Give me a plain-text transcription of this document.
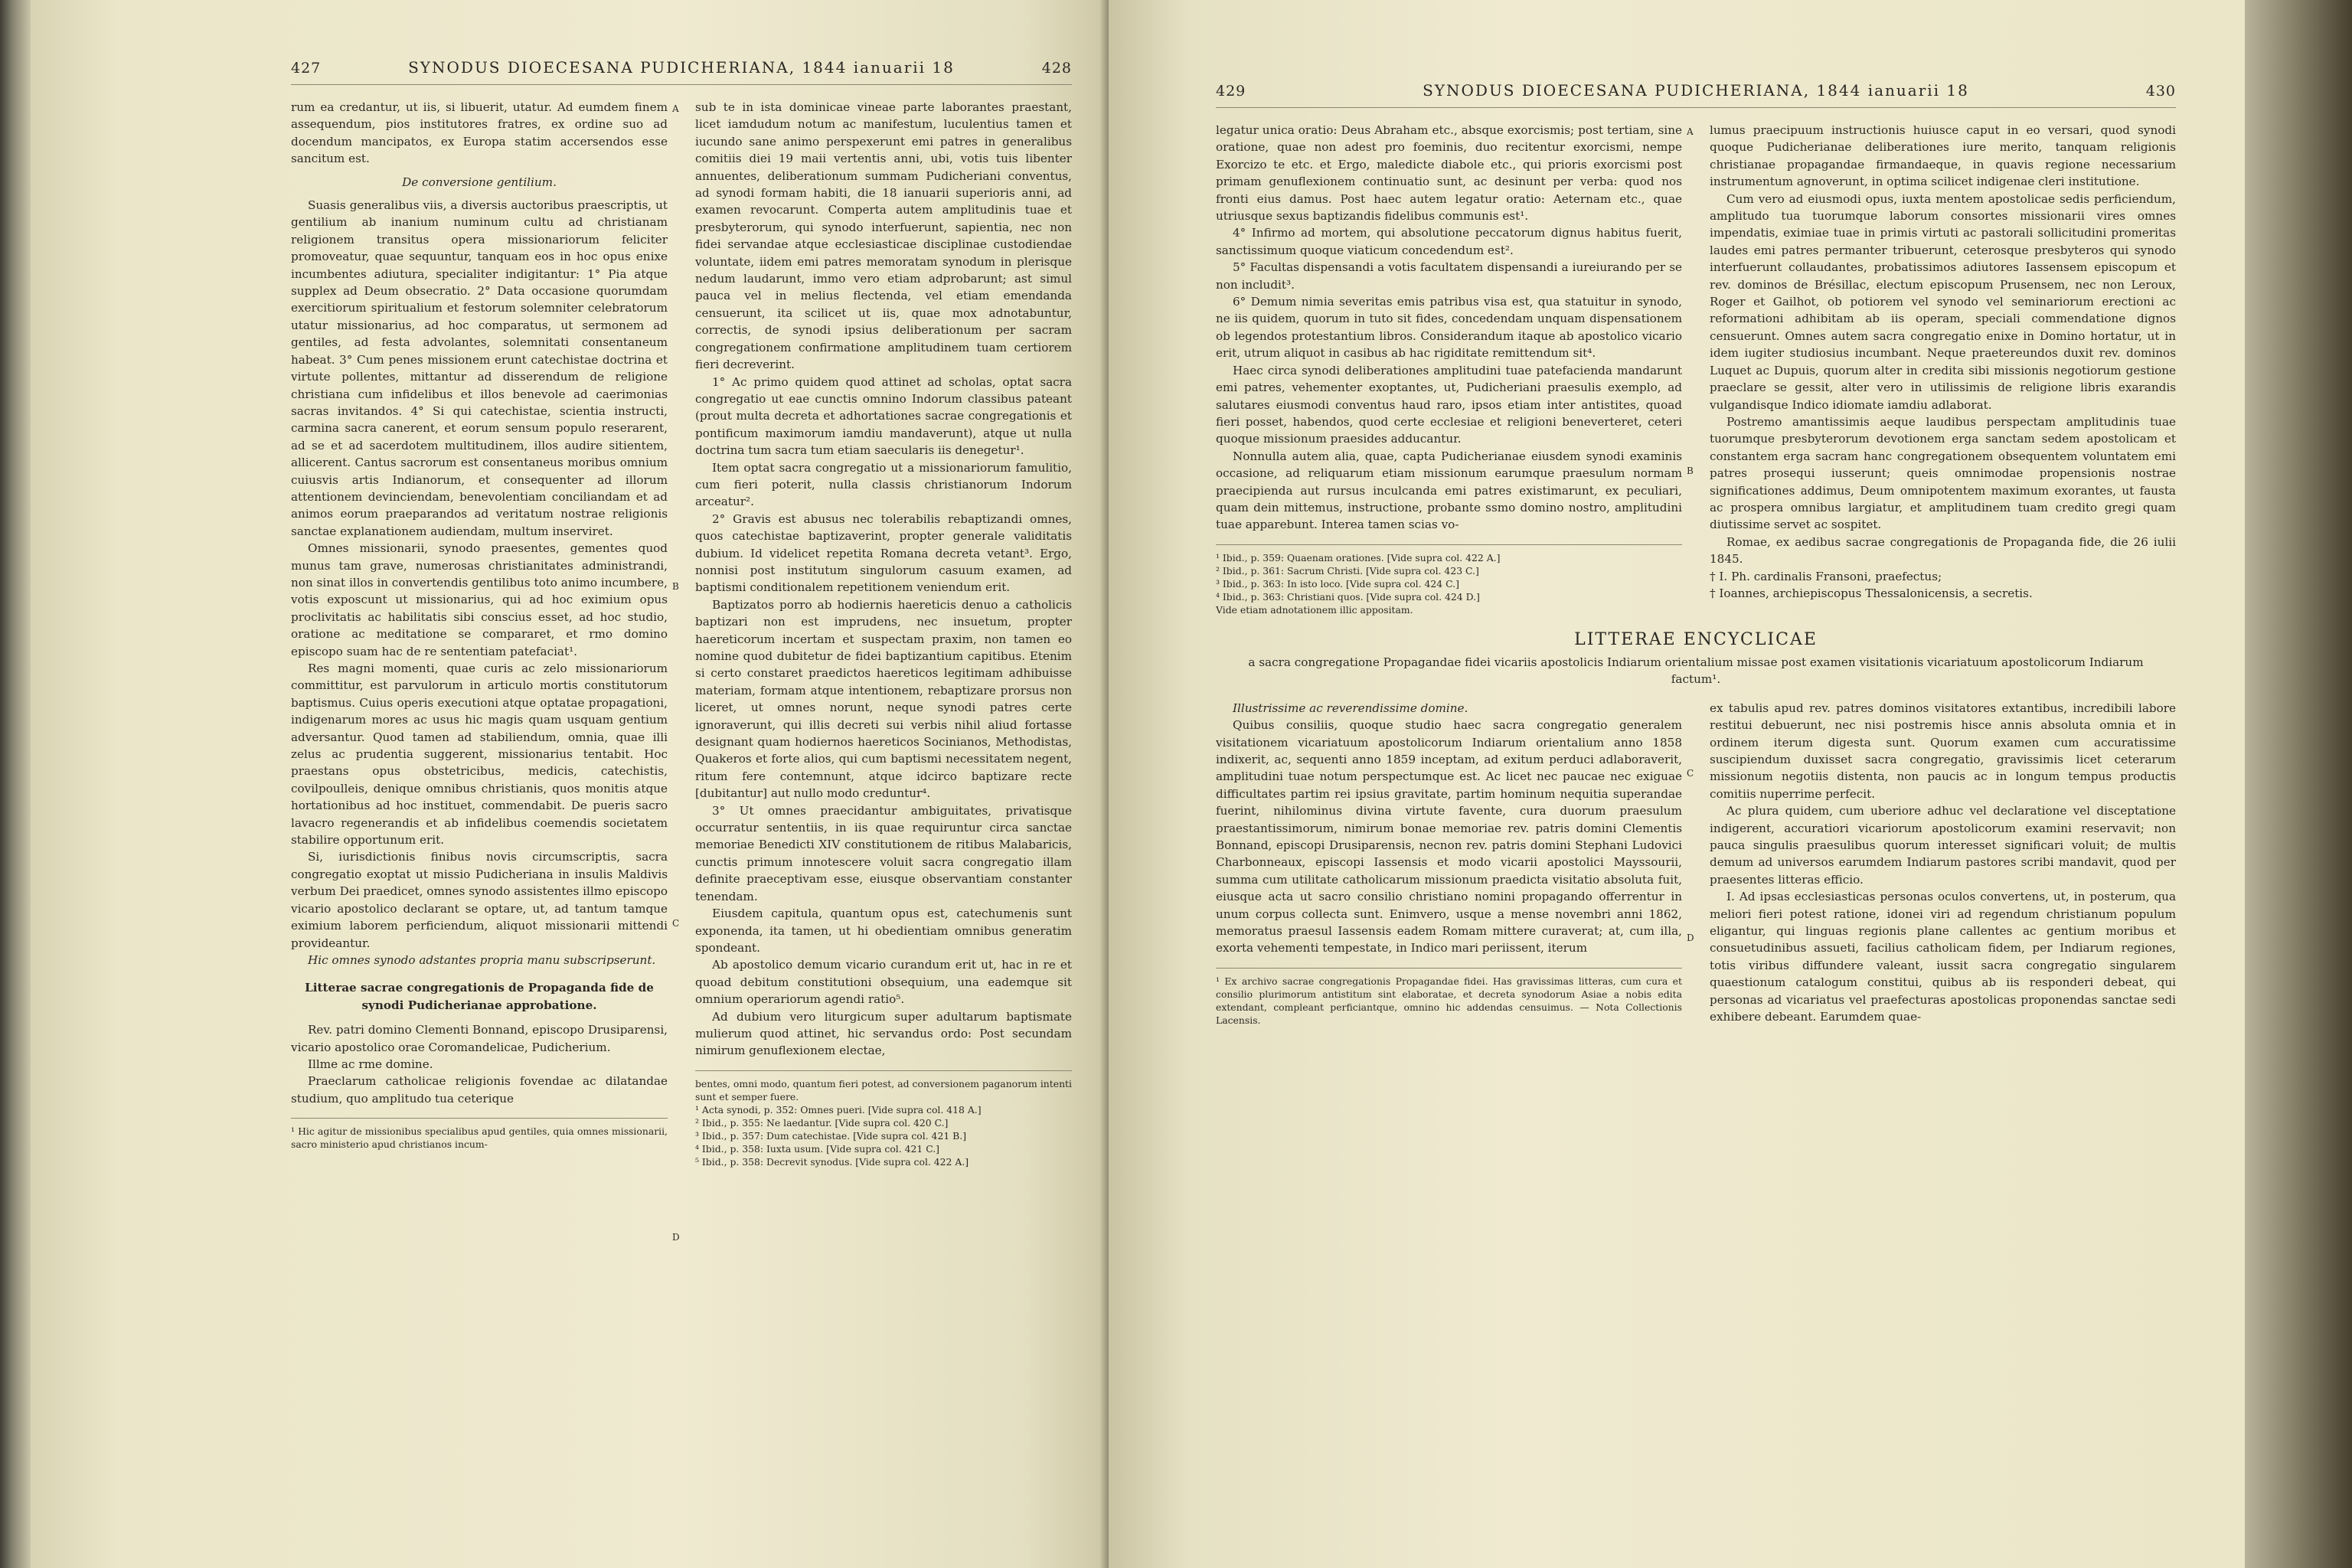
427	SYNODUS DIOECESANA PUDICHERIANA, 1844 ianuarii 18	428

rum ea credantur, ut iis, si libuerit, utatur. Ad eumdem finem assequendum, pios institutores fratres, ex ordine suo ad docendum mancipatos, ex Europa statim accersendos esse sancitum est.

De conversione gentilium.

Suasis generalibus viis, a diversis auctoribus praescriptis, ut gentilium ab inanium numinum cultu ad christianam religionem transitus opera missionariorum feliciter promoveatur, quae sequuntur, tanquam eos in hoc opus enixe incumbentes adiutura, specialiter indigitantur: 1° Pia atque supplex ad Deum obsecratio. 2° Data occasione quorumdam exercitiorum spiritualium et festorum solemniter celebratorum utatur missionarius, ad hoc comparatus, ut sermonem ad gentiles, ad festa advolantes, solemnitati consentaneum habeat. 3° Cum penes missionem erunt catechistae doctrina et virtute pollentes, mittantur ad disserendum de religione christiana cum infidelibus et illos benevole ad caerimonias sacras invitandos. 4° Si qui catechistae, scientia instructi, carmina sacra canerent, et eorum sensum populo reserarent, ad se et ad sacerdotem multitudinem, illos audire sitientem, allicerent. Cantus sacrorum est consentaneus moribus omnium cuiusvis artis Indianorum, et consequenter ad illorum attentionem devinciendam, benevolentiam conciliandam et ad animos eorum praeparandos ad veritatum nostrae religionis sanctae explanationem audiendam, multum inserviret.

Omnes missionarii, synodo praesentes, gementes quod munus tam grave, numerosas christianitates administrandi, non sinat illos in convertendis gentilibus toto animo incumbere, votis exposcunt ut missionarius, qui ad hoc eximium opus proclivitatis ac habilitatis sibi conscius esset, ad hoc studio, oratione ac meditatione se compararet, et rmo domino episcopo suam hac de re sententiam patefaciat¹.

Res magni momenti, quae curis ac zelo missionariorum committitur, est parvulorum in articulo mortis constitutorum baptismus. Cuius operis executioni atque optatae propagationi, indigenarum mores ac usus hic magis quam usquam gentium adversantur. Quod tamen ad stabiliendum, omnia, quae illi zelus ac prudentia suggerent, missionarius tentabit. Hoc praestans opus obstetricibus, medicis, catechistis, covilpoulleis, denique omnibus christianis, quos monitis atque hortationibus ad hoc instituet, commendabit. De pueris sacro lavacro regenerandis et ab infidelibus coemendis societatem stabilire opportunum erit.

Si, iurisdictionis finibus novis circumscriptis, sacra congregatio exoptat ut missio Pudicheriana in insulis Maldivis verbum Dei praedicet, omnes synodo assistentes illmo episcopo vicario apostolico declarant se optare, ut, ad tantum tamque eximium laborem perficiendum, aliquot missionarii mittendi provideantur.

Hic omnes synodo adstantes propria manu subscripserunt.

Litterae sacrae congregationis de Propaganda fide de synodi Pudicherianae approbatione.

Rev. patri domino Clementi Bonnand, episcopo Drusiparensi, vicario apostolico orae Coromandelicae, Pudicherium.

Illme ac rme domine.

Praeclarum catholicae religionis fovendae ac dilatandae studium, quo amplitudo tua ceterique

¹ Hic agitur de missionibus specialibus apud gentiles, quia omnes missionarii, sacro ministerio apud christianos incum-
A
B
C
D

sub te in ista dominicae vineae parte laborantes praestant, licet iamdudum notum ac manifestum, luculentius tamen et iucundo sane animo perspexerunt emi patres in generalibus comitiis diei 19 maii vertentis anni, ubi, votis tuis libenter annuentes, deliberationum summam Pudicheriani conventus, ad synodi formam habiti, die 18 ianuarii superioris anni, ad examen revocarunt. Comperta autem amplitudinis tuae et presbyterorum, qui synodo interfuerunt, sapientia, nec non fidei servandae atque ecclesiasticae disciplinae custodiendae voluntate, iidem emi patres memoratam synodum in plerisque nedum laudarunt, immo vero etiam adprobarunt; ast simul pauca vel in melius flectenda, vel etiam emendanda censuerunt, ita scilicet ut iis, quae mox adnotabuntur, correctis, de synodi ipsius deliberationum per sacram congregationem confirmatione amplitudinem tuam certiorem fieri decreverint.

1° Ac primo quidem quod attinet ad scholas, optat sacra congregatio ut eae cunctis omnino Indorum classibus pateant (prout multa decreta et adhortationes sacrae congregationis et pontificum maximorum iamdiu mandaverunt), atque ut nulla doctrina tum sacra tum etiam saecularis iis denegetur¹.

Item optat sacra congregatio ut a missionariorum famulitio, cum fieri poterit, nulla classis christianorum Indorum arceatur².

2° Gravis est abusus nec tolerabilis rebaptizandi omnes, quos catechistae baptizaverint, propter generale validitatis dubium. Id videlicet repetita Romana decreta vetant³. Ergo, nonnisi post institutum singulorum casuum examen, ad baptismi conditionalem repetitionem veniendum erit.

Baptizatos porro ab hodiernis haereticis denuo a catholicis baptizari non est imprudens, nec insuetum, propter haereticorum incertam et suspectam praxim, non tamen eo nomine quod dubitetur de fidei baptizantium capitibus. Etenim si certo constaret praedictos haereticos legitimam adhibuisse materiam, formam atque intentionem, rebaptizare prorsus non liceret, ut omnes norunt, neque synodi patres certe ignoraverunt, qui illis decreti sui verbis nihil aliud fortasse designant quam hodiernos haereticos Socinianos, Methodistas, Quakeros et forte alios, qui cum baptismi necessitatem negent, ritum fere contemnunt, atque idcirco baptizare recte [dubitantur] aut nullo modo creduntur⁴.

3° Ut omnes praecidantur ambiguitates, privatisque occurratur sententiis, in iis quae requiruntur circa sanctae memoriae Benedicti XIV constitutionem de ritibus Malabaricis, cunctis primum innotescere voluit sacra congregatio illam definite praeceptivam esse, eiusque observantiam constanter tenendam.

Eiusdem capitula, quantum opus est, catechumenis sunt exponenda, ita tamen, ut hi obedientiam omnibus generatim spondeant.

Ab apostolico demum vicario curandum erit ut, hac in re et quoad debitum constitutioni obsequium, una eademque sit omnium operariorum agendi ratio⁵.

Ad dubium vero liturgicum super adultarum baptismate mulierum quod attinet, hic servandus ordo: Post secundam nimirum genuflexionem electae,

bentes, omni modo, quantum fieri potest, ad conversionem paganorum intenti sunt et semper fuere.
¹ Acta synodi, p. 352: Omnes pueri. [Vide supra col. 418 A.]
² Ibid., p. 355: Ne laedantur. [Vide supra col. 420 C.]
³ Ibid., p. 357: Dum catechistae. [Vide supra col. 421 B.]
⁴ Ibid., p. 358: Iuxta usum. [Vide supra col. 421 C.]
⁵ Ibid., p. 358: Decrevit synodus. [Vide supra col. 422 A.]
429	SYNODUS DIOECESANA PUDICHERIANA, 1844 ianuarii 18	430

legatur unica oratio: Deus Abraham etc., absque exorcismis; post tertiam, sine oratione, quae non adest pro foeminis, duo recitentur exorcismi, nempe Exorcizo te etc. et Ergo, maledicte diabole etc., qui prioris exorcismi post primam genuflexionem continuatio sunt, ac desinunt per verba: quod nos fronti eius damus. Post haec autem legatur oratio: Aeternam etc., quae utriusque sexus baptizandis fidelibus communis est¹.

4° Infirmo ad mortem, qui absolutione peccatorum dignus habitus fuerit, sanctissimum quoque viaticum concedendum est².

5° Facultas dispensandi a votis facultatem dispensandi a iureiurando per se non includit³.

6° Demum nimia severitas emis patribus visa est, qua statuitur in synodo, ne iis quidem, quorum in tuto sit fides, concedendam unquam dispensationem ob legendos protestantium libros. Considerandum itaque ab apostolico vicario erit, utrum aliquot in casibus ab hac rigiditate remittendum sit⁴.

Haec circa synodi deliberationes amplitudini tuae patefacienda mandarunt emi patres, vehementer exoptantes, ut, Pudicheriani praesulis exemplo, ad salutares eiusmodi conventus haud raro, ipsos etiam inter antistites, quoad fieri posset, habendos, quod certe ecclesiae et religioni beneverteret, ceteri quoque missionum praesides adducantur.

Nonnulla autem alia, quae, capta Pudicherianae eiusdem synodi examinis occasione, ad reliquarum etiam missionum earumque praesulum normam praecipienda aut rursus inculcanda emi patres existimarunt, ex peculiari, quam dein mittemus, instructione, probante ssmo domino nostro, amplitudini tuae apparebunt. Interea tamen scias vo-

¹ Ibid., p. 359: Quaenam orationes. [Vide supra col. 422 A.]
² Ibid., p. 361: Sacrum Christi. [Vide supra col. 423 C.]
³ Ibid., p. 363: In isto loco. [Vide supra col. 424 C.]
⁴ Ibid., p. 363: Christiani quos. [Vide supra col. 424 D.]
Vide etiam adnotationem illic appositam.
A
B
C

lumus praecipuum instructionis huiusce caput in eo versari, quod synodi quoque Pudicherianae deliberationes iure merito, tanquam religionis christianae propagandae firmandaeque, in quavis regione necessarium instrumentum agnoverunt, in optima scilicet indigenae cleri institutione.

Cum vero ad eiusmodi opus, iuxta mentem apostolicae sedis perficiendum, amplitudo tua tuorumque laborum consortes missionarii vires omnes impendatis, eximiae tuae in primis virtuti ac pastorali sollicitudini promeritas laudes emi patres permanter tribuerunt, ceterosque presbyteros qui synodo interfuerunt collaudantes, probatissimos adiutores Iassensem episcopum et rev. dominos de Brésillac, electum episcopum Prusensem, nec non Leroux, Roger et Gailhot, ob potiorem vel synodo vel seminariorum erectioni ac reformationi adhibitam ab iis operam, speciali commendatione dignos censuerunt. Omnes autem sacra congregatio enixe in Domino hortatur, ut in idem iugiter studiosius incumbant. Neque praetereundos duxit rev. dominos Luquet ac Dupuis, quorum alter in credita sibi missionis negotiorum gestione praeclare se gessit, alter vero in utilissimis de religione libris exarandis vulgandisque Indico idiomate iamdiu adlaborat.

Postremo amantissimis aeque laudibus perspectam amplitudinis tuae tuorumque presbyterorum devotionem erga sanctam sedem apostolicam et constantem erga sacram hanc congregationem obsequentem voluntatem emi patres prosequi iusserunt; queis omnimodae propensionis nostrae significationes addimus, Deum omnipotentem maximum exorantes, ut fausta ac prospera omnibus largiatur, et amplitudinem tuam credito gregi quam diutissime servet ac sospitet.

Romae, ex aedibus sacrae congregationis de Propaganda fide, die 26 iulii 1845.

† I. Ph. cardinalis Fransoni, praefectus;

† Ioannes, archiepiscopus Thessalonicensis, a secretis.

LITTERAE ENCYCLICAE
a sacra congregatione Propagandae fidei vicariis apostolicis Indiarum orientalium missae post examen visitationis vicariatuum apostolicorum Indiarum factum¹.

Illustrissime ac reverendissime domine.

Quibus consiliis, quoque studio haec sacra congregatio generalem visitationem vicariatuum apostolicorum Indiarum orientalium anno 1858 indixerit, ac, sequenti anno 1859 inceptam, ad exitum perduci adlaboraverit, amplitudini tuae notum perspectumque est. Ac licet nec paucae nec exiguae difficultates partim rei ipsius gravitate, partim hominum nequitia superandae fuerint, nihilominus divina virtute favente, cura duorum praesulum praestantissimorum, nimirum bonae memoriae rev. patris domini Clementis Bonnand, episcopi Drusiparensis, necnon rev. patris domini Stephani Ludovici Charbonneaux, episcopi Iassensis et modo vicarii apostolici Mayssourii, summa cum utilitate catholicarum missionum praedicta visitatio absoluta fuit, eiusque acta ut sacro consilio christiano nomini propagando offerrentur in unum corpus collecta sunt. Enimvero, usque a mense novembri anni 1862, memoratus praesul Iassensis eadem Romam mittere curaverat; at, cum illa, exorta vehementi tempestate, in Indico mari periissent, iterum

¹ Ex archivo sacrae congregationis Propagandae fidei. Has gravissimas litteras, cum cura et consilio plurimorum antistitum sint elaboratae, et decreta synodorum Asiae a nobis edita extendant, compleant perficiantque, omnino hic addendas censuimus. — Nota Collectionis Lacensis.
D

ex tabulis apud rev. patres dominos visitatores extantibus, incredibili labore restitui debuerunt, nec nisi postremis hisce annis absoluta omnia et in ordinem iterum digesta sunt. Quorum examen cum accuratissime suscipiendum duxisset sacra congregatio, gravissimis licet ceterarum missionum negotiis distenta, non paucis ac in longum tempus productis comitiis nuperrime perfecit.

Ac plura quidem, cum uberiore adhuc vel declaratione vel disceptatione indigerent, accuratiori vicariorum apostolicorum examini reservavit; non pauca singulis praesulibus quorum interesset significari voluit; de multis demum ad universos earumdem Indiarum pastores scribi mandavit, quod per praesentes litteras efficio.

I. Ad ipsas ecclesiasticas personas oculos convertens, ut, in posterum, qua meliori fieri potest ratione, idonei viri ad regendum christianum populum eligantur, qui linguas regionis plane callentes ac gentium moribus et consuetudinibus assueti, facilius catholicam fidem, per Indiarum regiones, totis viribus diffundere valeant, iussit sacra congregatio singularem quaestionum catalogum constitui, quibus ab iis responderi debeat, qui personas ad vicariatus vel praefecturas apostolicas proponendas sanctae sedi exhibere debeant. Earumdem quae-
